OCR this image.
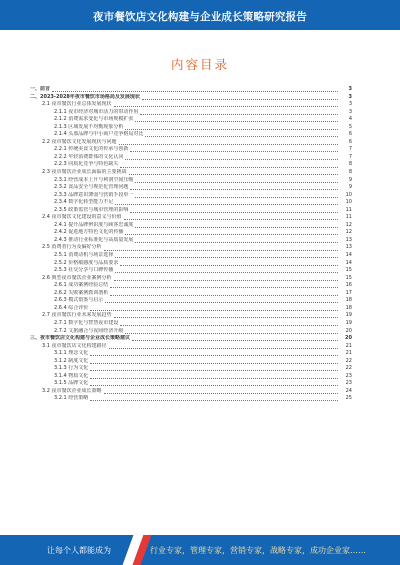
夜市餐饮店文化构建与企业成长策略研究报告
内容目录
一、前言	3
二、2023-2028年夜市餐饮市场格局及发展现状	3
2.1 夜市餐饮行业总体发展现状	3
2.1.1 夜市经济对城市活力的带动作用	3
2.1.2 消费需求变化与市场规模扩张	4
2.1.3 区域发展不均衡现象分析	5
2.1.4 头部品牌与中小商户竞争格局对比	6
2.2 夜市餐饮文化发展现状与问题	6
2.2.1 传统美食文化的传承与创新	7
2.2.2 年轻消费群体的文化认同	7
2.2.3 同质化竞争与特色缺失	8
2.3 夜市餐饮企业成长面临的主要挑战	8
2.3.1 经营成本上升与利润空间压缩	9
2.3.2 食品安全与规范化管理问题	9
2.3.3 品牌意识薄弱与营销手段单一	10
2.3.4 数字化转型能力不足	10
2.3.5 政策监管与城市管理的影响	11
2.4 夜市餐饮文化建设的意义与价值	11
2.4.1 提升品牌辨识度与顾客忠诚度	12
2.4.2 促进地方特色文化的传播	12
2.4.3 推动行业标准化与高质量发展	13
2.5 消费者行为及偏好分析	13
2.5.1 消费动机与场景选择	14
2.5.2 价格敏感度与品质要求	14
2.5.3 社交分享与口碑传播	15
2.6 典型夜市餐饮企业案例分析	15
2.6.1 成功案例经验总结	16
2.6.2 失败案例教训剖析	17
2.6.3 模式借鉴与启示	18
2.6.4 综合评价	18
2.7 夜市餐饮行业未来发展趋势	19
2.7.1 数字化与智慧夜市建设	19
2.7.2 文旅融合与夜间经济升级	20
三、夜市餐饮店文化构建与企业成长策略建议	20
3.1 夜市餐饮店文化构建路径	21
3.1.1 理念文化	21
3.1.2 制度文化	22
3.1.3 行为文化	22
3.1.4 物质文化	23
3.1.5 品牌文化	23
3.2 夜市餐饮企业成长策略	24
3.2.1 经营策略	25
让每个人都能成为	行业专家，管理专家，营销专家，战略专家，成功企业家……
